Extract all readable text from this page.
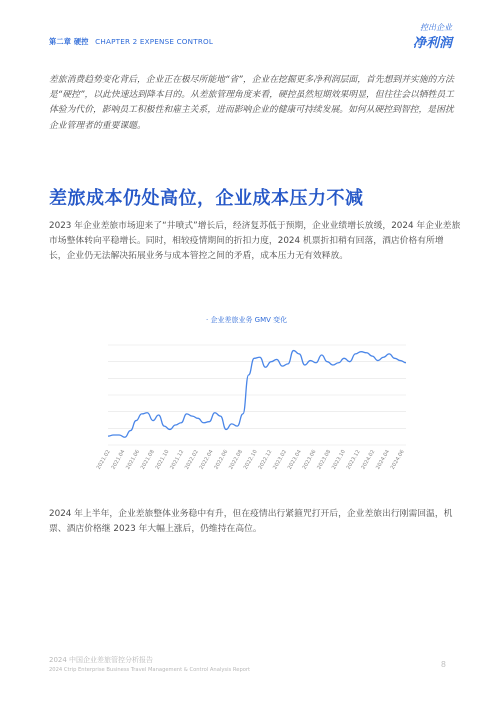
第二章 硬控 CHAPTER 2 EXPENSE CONTROL
控出企业
净利润

差旅消费趋势变化背后，企业正在极尽所能地“省”，企业在挖掘更多净利润层面，首先想到并实施的方法是“硬控”，以此快速达到降本目的。从差旅管理角度来看，硬控虽然短期效果明显，但往往会以牺牲员工体验为代价，影响员工积极性和雇主关系，进而影响企业的健康可持续发展。如何从硬控到智控，是困扰企业管理者的重要课题。

差旅成本仍处高位，企业成本压力不减

2023 年企业差旅市场迎来了“井喷式”增长后，经济复苏低于预期，企业业绩增长放缓，2024 年企业差旅市场整体转向平稳增长。同时，相较疫情期间的折扣力度，2024 机票折扣稍有回落，酒店价格有所增长，企业仍无法解决拓展业务与成本管控之间的矛盾，成本压力无有效释放。

· 企业差旅业务 GMV 变化
2021.02
2021.04
2021.06
2021.08
2021.10
2021.12
2022.02
2022.04
2022.06
2022.08
2022.10
2022.12
2023.02
2023.04
2023.06
2023.08
2023.10
2023.12
2024.02
2024.04
2024.06

2024 年上半年，企业差旅整体业务稳中有升，但在疫情出行紧箍咒打开后，企业差旅出行刚需回温，机票、酒店价格继 2023 年大幅上涨后，仍维持在高位。

2024 中国企业差旅管控分析报告
2024 Ctrip Enterprise Business Travel Management & Control Analysis Report
8
